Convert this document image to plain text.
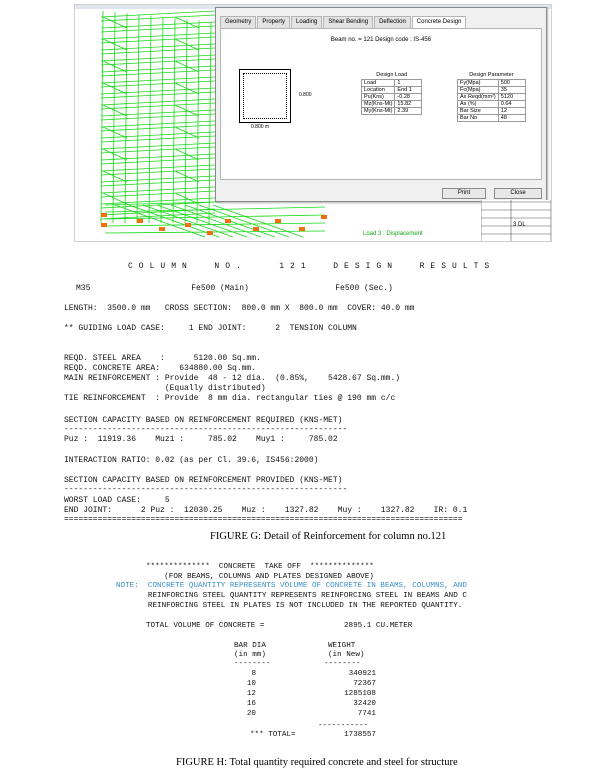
Geometry	Property	Loading	Shear Bending	Deflection	Concrete Design
Beam no. = 121 Design code : IS-456
0.800
0.800 m
Design Load
Load	1
Location	End 1
Pu(Kns)	-0.28
Mz(Kns-Mt)	15.82
My(Kns-Mt)	2.39
Design Parameter
Fy(Mpa)	500
Fc(Mpa)	35
As Reqd(mm²)	5120
As (%)	0.64
Bar Size	12
Bar No	48
Print	Close
3 DL
Load 3 : Displacement
COLUMN  NO.   121  DESIGN  RESULTS
M35                     Fe500 (Main)                  Fe500 (Sec.)
LENGTH:  3500.0 mm   CROSS SECTION:  800.0 mm X  800.0 mm  COVER: 40.0 mm
** GUIDING LOAD CASE:     1 END JOINT:      2  TENSION COLUMN
REQD. STEEL AREA    :      5120.00 Sq.mm.
REQD. CONCRETE AREA:    634880.00 Sq.mm.
MAIN REINFORCEMENT : Provide  48 - 12 dia.  (0.85%,    5428.67 Sq.mm.)
(Equally distributed)
TIE REINFORCEMENT  : Provide  8 mm dia. rectangular ties @ 190 mm c/c
SECTION CAPACITY BASED ON REINFORCEMENT REQUIRED (KNS-MET)
-----------------------------------------------------------
Puz :  11919.36    Muz1 :     785.02    Muy1 :     785.02
INTERACTION RATIO: 0.02 (as per Cl. 39.6, IS456:2000)
SECTION CAPACITY BASED ON REINFORCEMENT PROVIDED (KNS-MET)
-----------------------------------------------------------
WORST LOAD CASE:     5
END JOINT:      2 Puz :  12030.25    Muz :    1327.82    Muy :    1327.82    IR: 0.1
===================================================================================
FIGURE G: Detail of Reinforcement for column no.121
**************  CONCRETE  TAKE OFF  **************
(FOR BEAMS, COLUMNS AND PLATES DESIGNED ABOVE)
NOTE:  CONCRETE QUANTITY REPRESENTS VOLUME OF CONCRETE IN BEAMS, COLUMNS, AND
REINFORCING STEEL QUANTITY REPRESENTS REINFORCING STEEL IN BEAMS AND C
REINFORCING STEEL IN PLATES IS NOT INCLUDED IN THE REPORTED QUANTITY.
TOTAL VOLUME OF CONCRETE =	2895.1 CU.METER
BAR DIA	WEIGHT
(in mm)	(in New)
--------	--------
8	340921
10	72367
12	1285108
16	32420
20	7741
-----------
*** TOTAL=	1738557
FIGURE H: Total quantity required concrete and steel for structure
